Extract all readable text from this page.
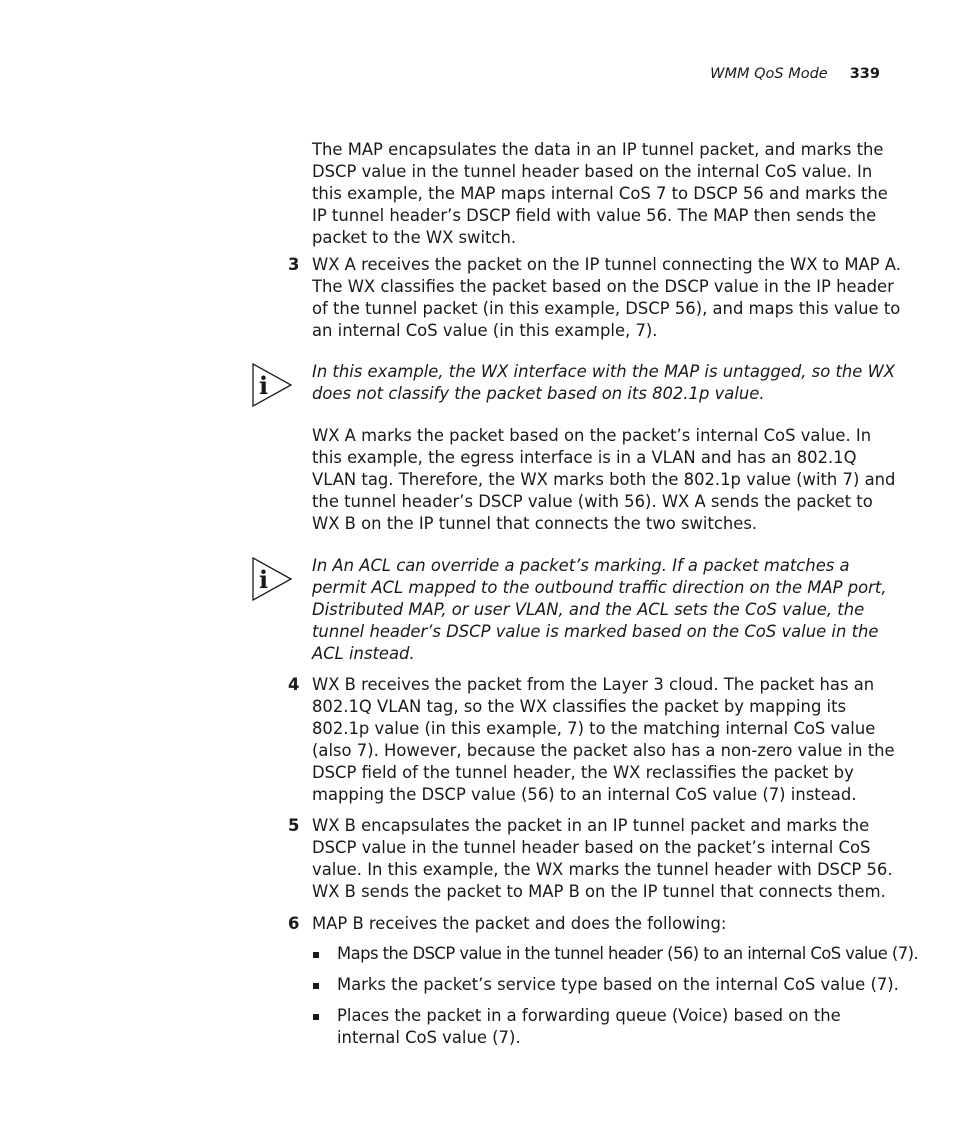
WMM QoS Mode 339
The MAP encapsulates the data in an IP tunnel packet, and marks the DSCP value in the tunnel header based on the internal CoS value. In this example, the MAP maps internal CoS 7 to DSCP 56 and marks the IP tunnel header’s DSCP field with value 56. The MAP then sends the packet to the WX switch.
3 WX A receives the packet on the IP tunnel connecting the WX to MAP A. The WX classifies the packet based on the DSCP value in the IP header of the tunnel packet (in this example, DSCP 56), and maps this value to an internal CoS value (in this example, 7).
i	In this example, the WX interface with the MAP is untagged, so the WX does not classify the packet based on its 802.1p value.
WX A marks the packet based on the packet’s internal CoS value. In this example, the egress interface is in a VLAN and has an 802.1Q VLAN tag. Therefore, the WX marks both the 802.1p value (with 7) and the tunnel header’s DSCP value (with 56). WX A sends the packet to WX B on the IP tunnel that connects the two switches.
i	In An ACL can override a packet’s marking. If a packet matches a permit ACL mapped to the outbound traffic direction on the MAP port, Distributed MAP, or user VLAN, and the ACL sets the CoS value, the tunnel header’s DSCP value is marked based on the CoS value in the ACL instead.
4 WX B receives the packet from the Layer 3 cloud. The packet has an 802.1Q VLAN tag, so the WX classifies the packet by mapping its 802.1p value (in this example, 7) to the matching internal CoS value (also 7). However, because the packet also has a non-zero value in the DSCP field of the tunnel header, the WX reclassifies the packet by mapping the DSCP value (56) to an internal CoS value (7) instead.
5 WX B encapsulates the packet in an IP tunnel packet and marks the DSCP value in the tunnel header based on the packet’s internal CoS value. In this example, the WX marks the tunnel header with DSCP 56. WX B sends the packet to MAP B on the IP tunnel that connects them.
6 MAP B receives the packet and does the following:
Maps the DSCP value in the tunnel header (56) to an internal CoS value (7).
Marks the packet’s service type based on the internal CoS value (7).
Places the packet in a forwarding queue (Voice) based on the internal CoS value (7).
